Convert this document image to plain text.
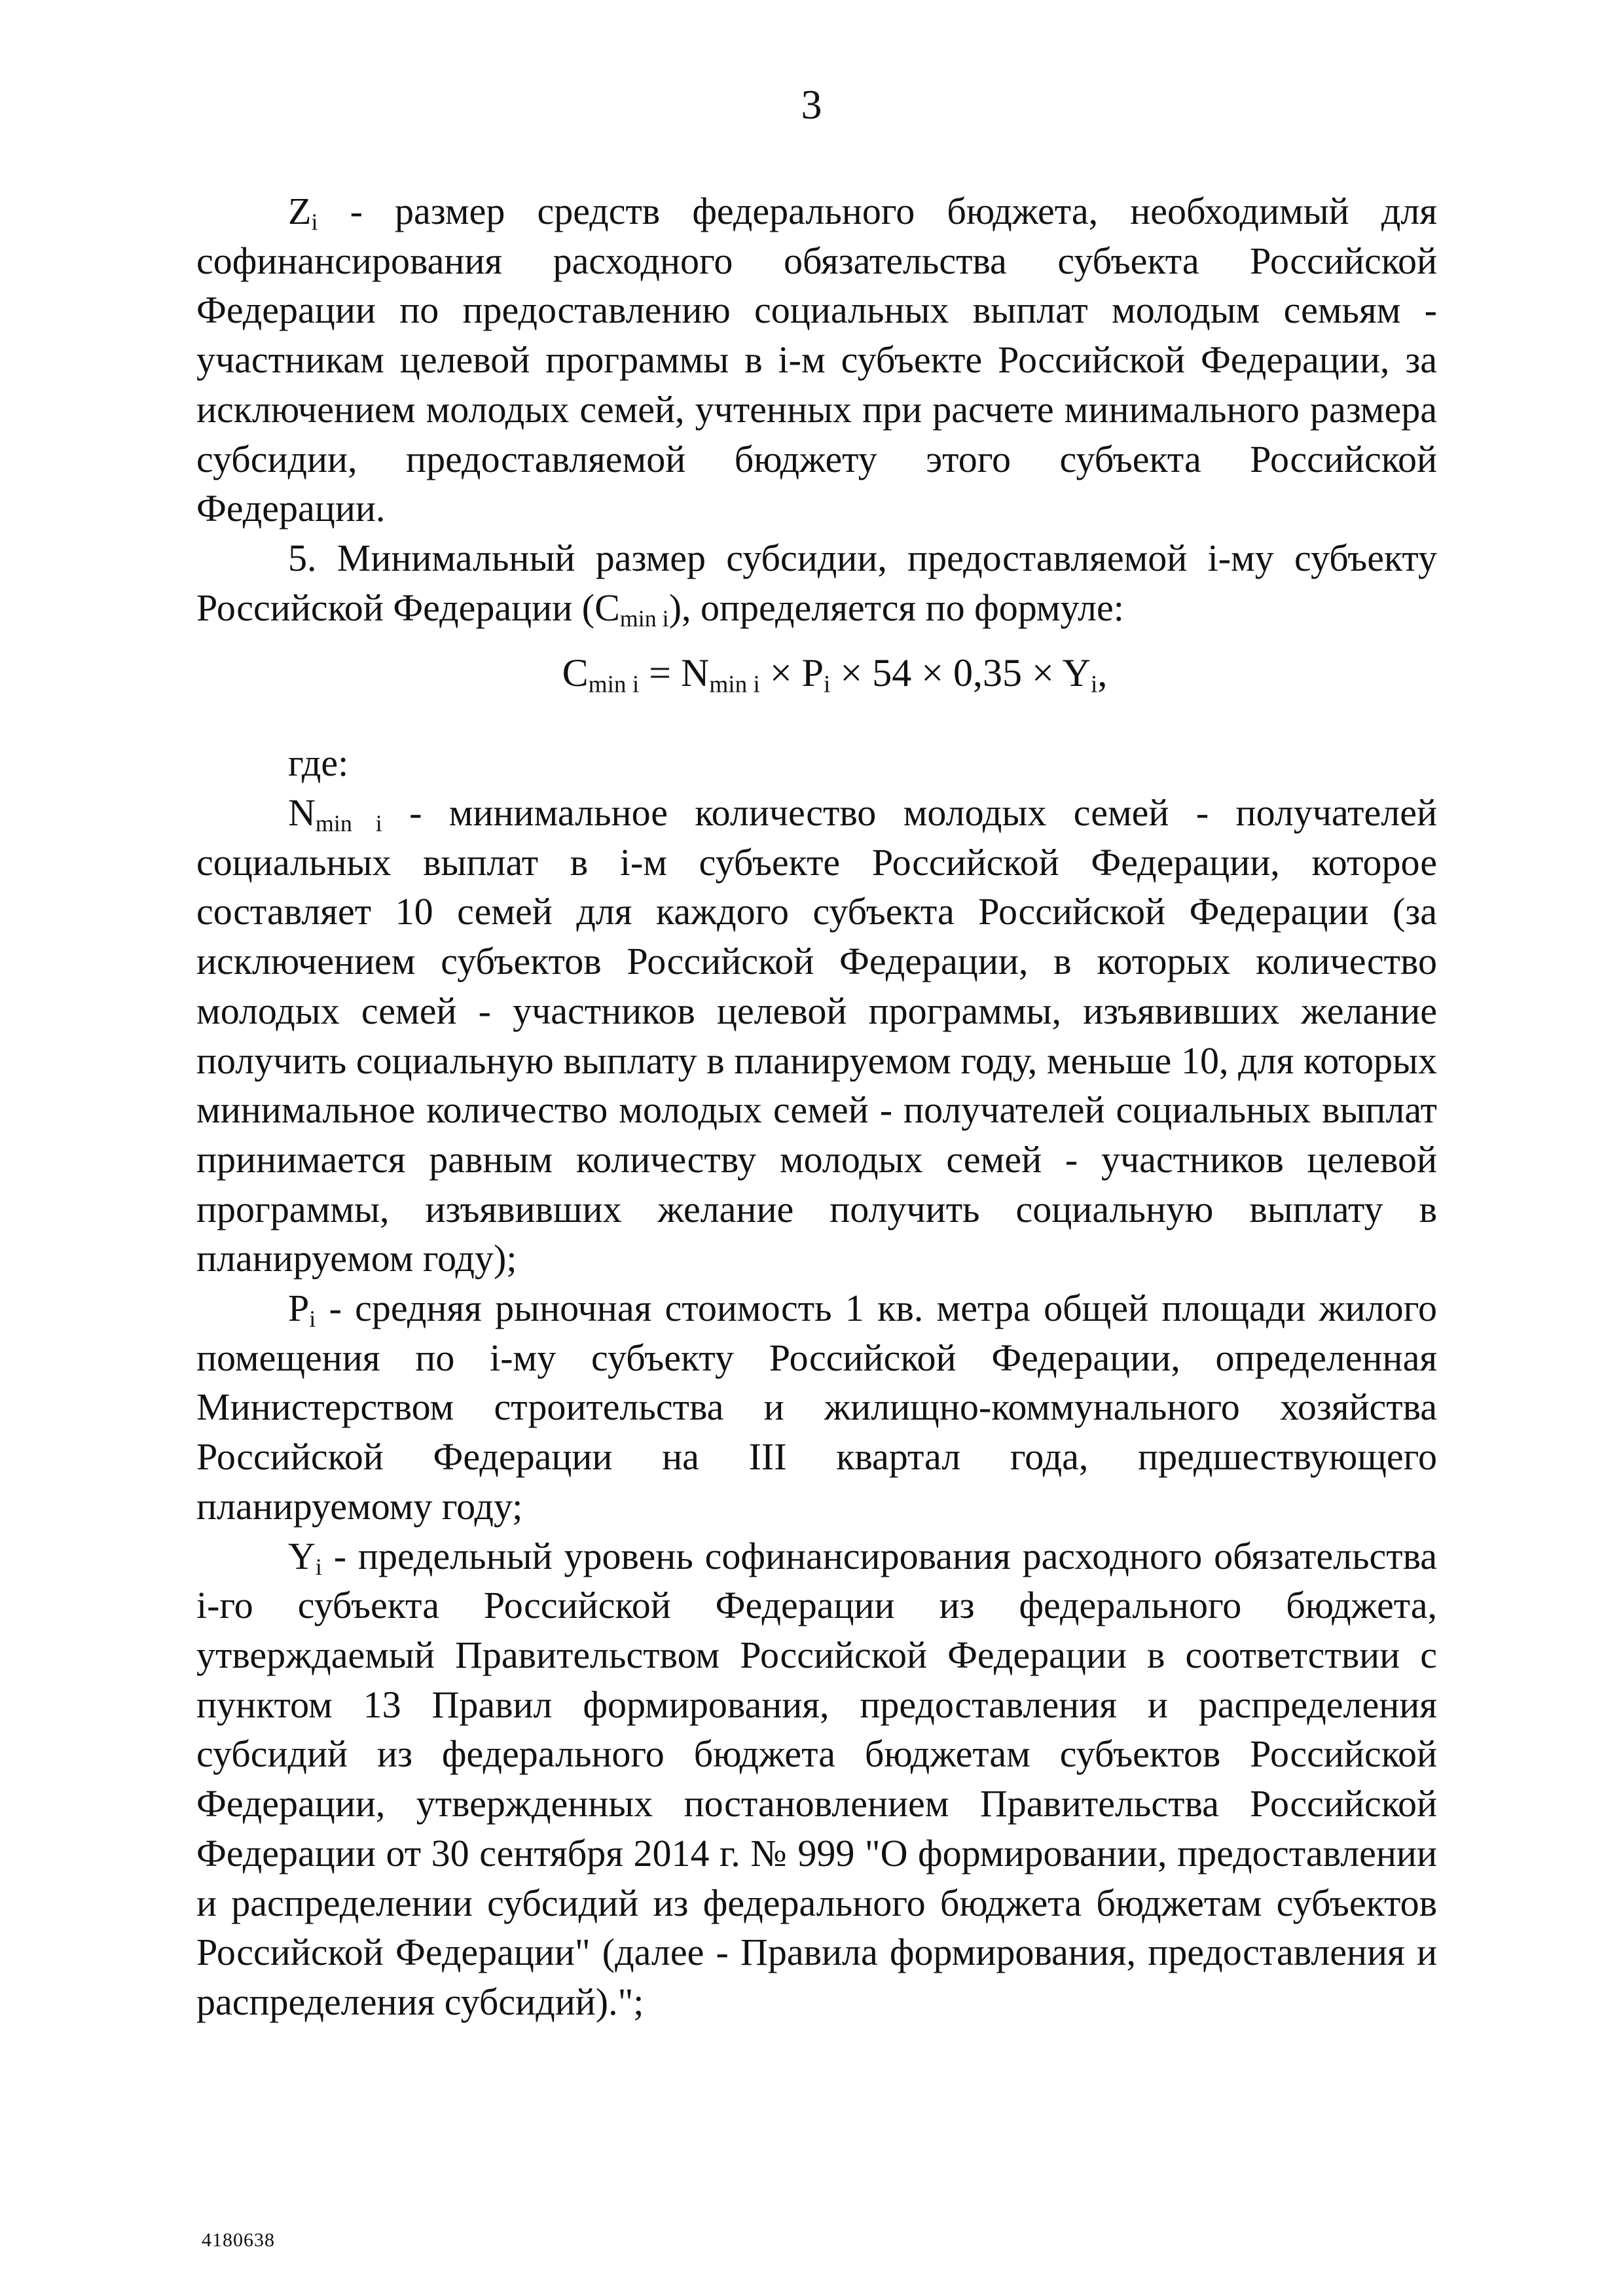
3

$Z_i$ - размер средств федерального бюджета, необходимый для софинансирования расходного обязательства субъекта Российской Федерации по предоставлению социальных выплат молодым семьям - участникам целевой программы в i-м субъекте Российской Федерации, за исключением молодых семей, учтенных при расчете минимального размера субсидии, предоставляемой бюджету этого субъекта Российской Федерации.

5. Минимальный размер субсидии, предоставляемой i-му субъекту Российской Федерации $(C_{min i})$, определяется по формуле:

$C_{min i} = N_{min i} \times P_i \times 54 \times 0,35 \times Y_i$,

где:

$N_{min i}$ - минимальное количество молодых семей - получателей социальных выплат в i-м субъекте Российской Федерации, которое составляет 10 семей для каждого субъекта Российской Федерации (за исключением субъектов Российской Федерации, в которых количество молодых семей - участников целевой программы, изъявивших желание получить социальную выплату в планируемом году, меньше 10, для которых минимальное количество молодых семей - получателей социальных выплат принимается равным количеству молодых семей - участников целевой программы, изъявивших желание получить социальную выплату в планируемом году);

$P_i$ - средняя рыночная стоимость 1 кв. метра общей площади жилого помещения по i-му субъекту Российской Федерации, определенная Министерством строительства и жилищно-коммунального хозяйства Российской Федерации на III квартал года, предшествующего планируемому году;

$Y_i$ - предельный уровень софинансирования расходного обязательства i-го субъекта Российской Федерации из федерального бюджета, утверждаемый Правительством Российской Федерации в соответствии с пунктом 13 Правил формирования, предоставления и распределения субсидий из федерального бюджета бюджетам субъектов Российской Федерации, утвержденных постановлением Правительства Российской Федерации от 30 сентября 2014 г. № 999 "О формировании, предоставлении и распределении субсидий из федерального бюджета бюджетам субъектов Российской Федерации" (далее - Правила формирования, предоставления и распределения субсидий).";

4180638
